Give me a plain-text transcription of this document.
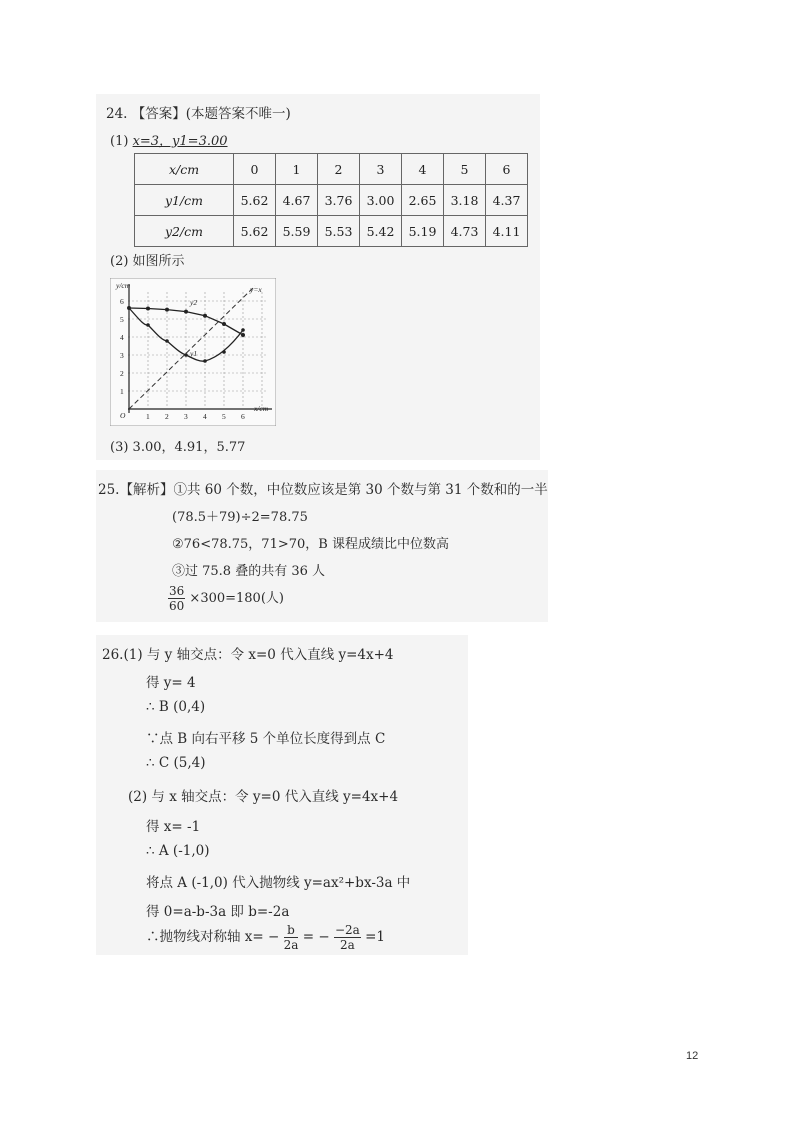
24. 【答案】(本题答案不唯一)
(1) x=3，y1=3.00
x/cm	0	1	2	3	4	5	6
y1/cm	5.62	4.67	3.76	3.00	2.65	3.18	4.37
y2/cm	5.62	5.59	5.53	5.42	5.19	4.73	4.11
(2) 如图所示
y/cm
x/cm
O	1 2 3 4 5 6
1
2
3
4
5
6	y2
y1
y=x
(3) 3.00，4.91，5.77
25.【解析】①共 60 个数，中位数应该是第 30 个数与第 31 个数和的一半
(78.5＋79)÷2=78.75
②76<78.75，71>70，B 课程成绩比中位数高
③过 75.8 叠的共有 36 人
$\frac{36}{60} \times 300=180$(人)
26.(1) 与 y 轴交点：令 x=0 代入直线 y=4x+4
得 y= 4
∴ B (0,4)
∵点 B 向右平移 5 个单位长度得到点 C
∴ C (5,4)
(2) 与 x 轴交点：令 y=0 代入直线 y=4x+4
得 x= -1
∴ A (-1,0)
将点 A (-1,0) 代入抛物线 y=ax²+bx-3a 中
得 0=a-b-3a 即 b=-2a
∴抛物线对称轴 $x= - \frac{b}{2a}$ = − $\frac{-2a}{2a} =1$
12
